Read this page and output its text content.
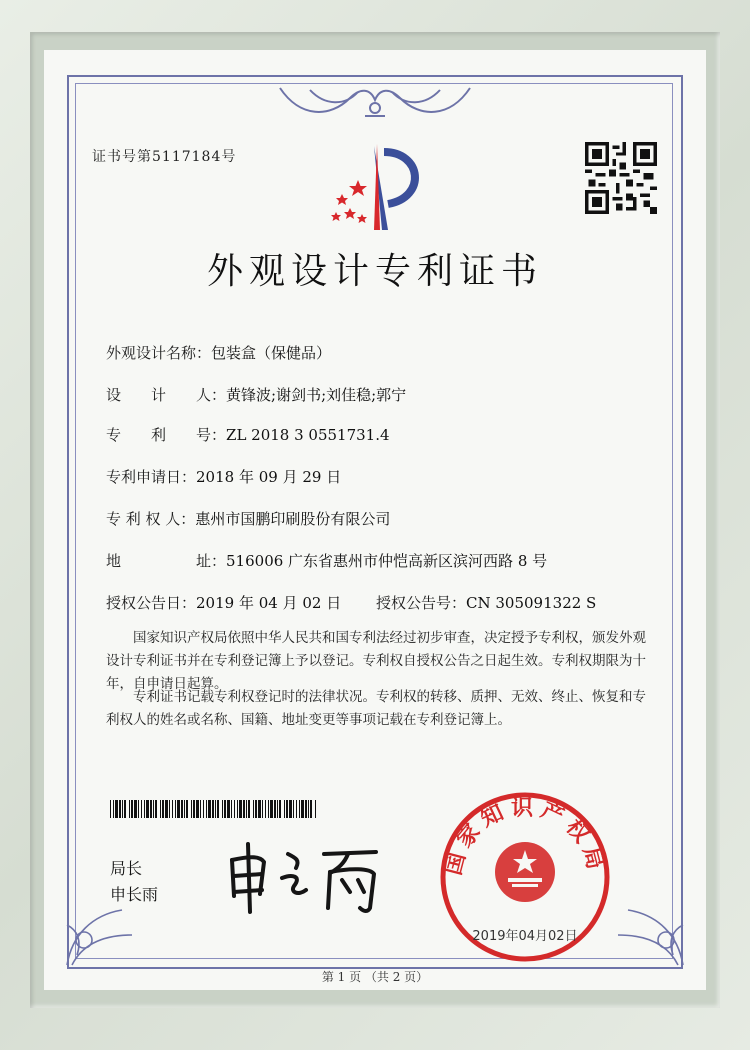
证书号第5117184号
外观设计专利证书
外观设计名称：包装盒（保健品）
设　　计　　人：黄锋波;谢剑书;刘佳稳;郭宁
专　　利　　号：ZL 2018 3 0551731.4
专利申请日：2018 年 09 月 29 日
专 利 权 人：惠州市国鹏印刷股份有限公司
地　　　　　址：516006 广东省惠州市仲恺高新区滨河西路 8 号
授权公告日：2019 年 04 月 02 日 授权公告号：CN 305091322 S
　　国家知识产权局依照中华人民共和国专利法经过初步审查，决定授予专利权，颁发外观设计专利证书并在专利登记簿上予以登记。专利权自授权公告之日起生效。专利权期限为十年，自申请日起算。
　　专利证书记载专利权登记时的法律状况。专利权的转移、质押、无效、终止、恢复和专利权人的姓名或名称、国籍、地址变更等事项记载在专利登记簿上。
局长
申长雨
国家知识产权局
2019年04月02日
第 1 页 （共 2 页）
